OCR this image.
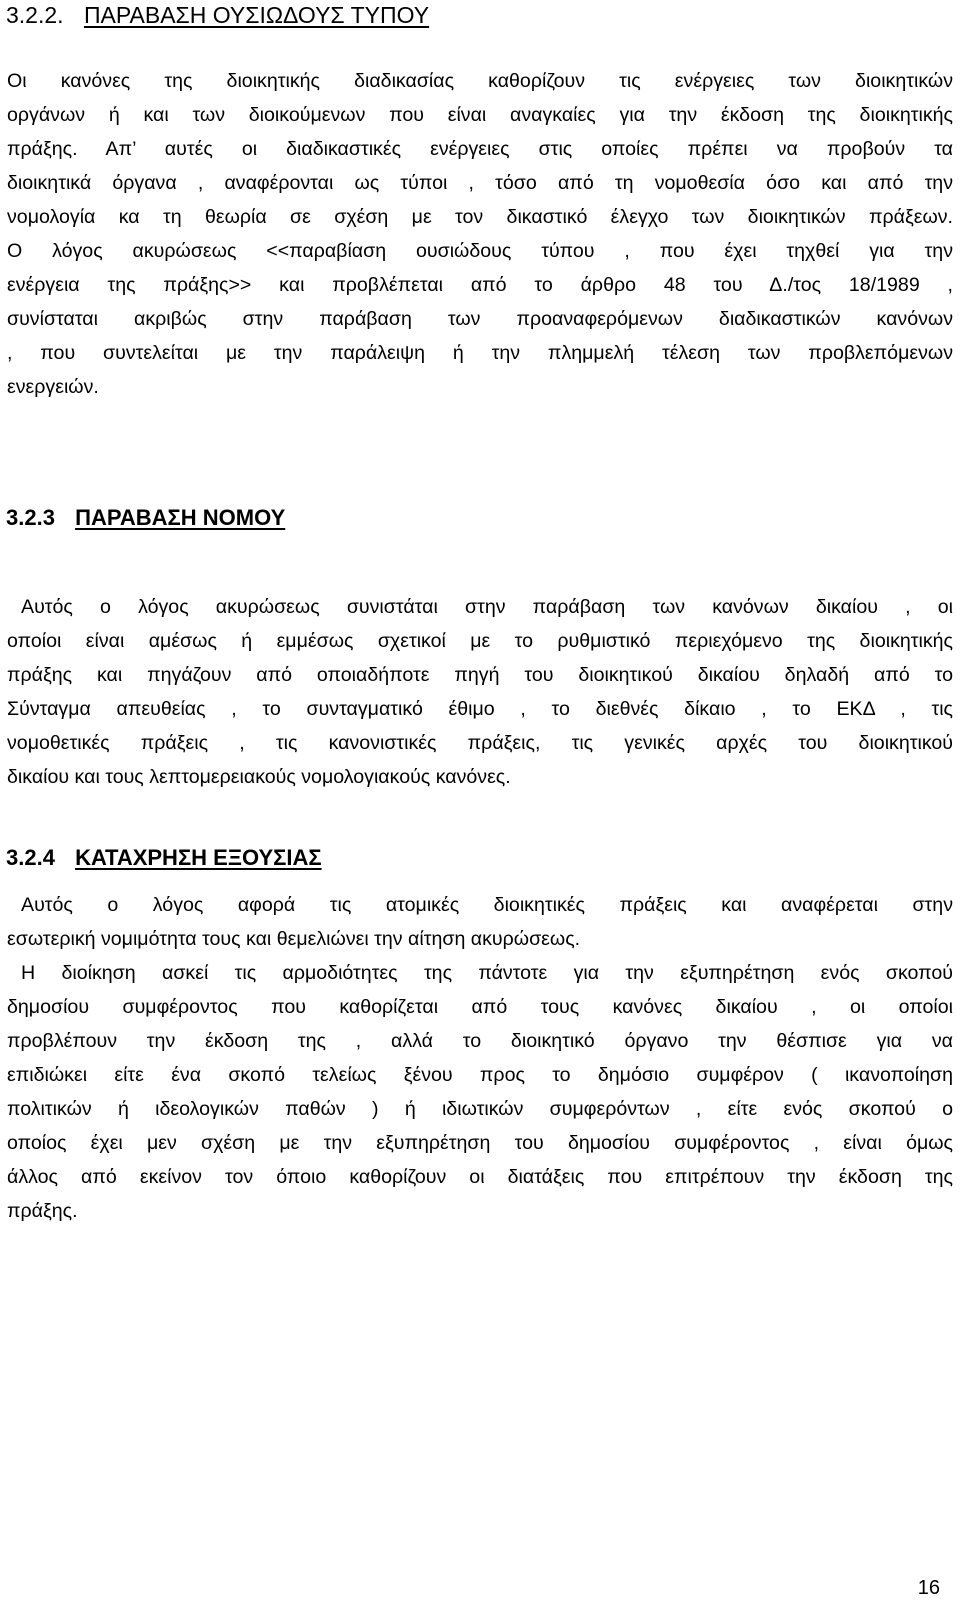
3.2.2. ΠΑΡΑΒΑΣΗ ΟΥΣΙΩΔΟΥΣ ΤΥΠΟΥ

Οι κανόνες της διοικητικής διαδικασίας καθορίζουν τις ενέργειες των διοικητικών
οργάνων ή και των διοικούμενων που είναι αναγκαίες για την έκδοση της διοικητικής
πράξης. Απ’ αυτές οι διαδικαστικές ενέργειες στις οποίες πρέπει να προβούν τα
διοικητικά όργανα , αναφέρονται ως τύποι , τόσο από τη νομοθεσία όσο και από την
νομολογία κα τη θεωρία σε σχέση με τον δικαστικό έλεγχο των διοικητικών πράξεων.
Ο λόγος ακυρώσεως <<παραβίαση ουσιώδους τύπου , που έχει τηχθεί για την
ενέργεια της πράξης>> και προβλέπεται από το άρθρο 48 του Δ./τος 18/1989 ,
συνίσταται ακριβώς στην παράβαση των προαναφερόμενων διαδικαστικών κανόνων
, που συντελείται με την παράλειψη ή την πλημμελή τέλεση των προβλεπόμενων
ενεργειών.

3.2.3 ΠΑΡΑΒΑΣΗ ΝΟΜΟΥ

Αυτός ο λόγος ακυρώσεως συνιστάται στην παράβαση των κανόνων δικαίου , οι
οποίοι είναι αμέσως ή εμμέσως σχετικοί με το ρυθμιστικό περιεχόμενο της διοικητικής
πράξης και πηγάζουν από οποιαδήποτε πηγή του διοικητικού δικαίου δηλαδή από το
Σύνταγμα απευθείας , το συνταγματικό έθιμο , το διεθνές δίκαιο , το ΕΚΔ , τις
νομοθετικές πράξεις , τις κανονιστικές πράξεις, τις γενικές αρχές του διοικητικού
δικαίου και τους λεπτομερειακούς νομολογιακούς κανόνες.

3.2.4 ΚΑΤΑΧΡΗΣΗ ΕΞΟΥΣΙΑΣ

Αυτός ο λόγος αφορά τις ατομικές διοικητικές πράξεις και αναφέρεται στην
εσωτερική νομιμότητα τους και θεμελιώνει την αίτηση ακυρώσεως.

Η διοίκηση ασκεί τις αρμοδιότητες της πάντοτε για την εξυπηρέτηση ενός σκοπού
δημοσίου συμφέροντος που καθορίζεται από τους κανόνες δικαίου , οι οποίοι
προβλέπουν την έκδοση της , αλλά το διοικητικό όργανο την θέσπισε για να
επιδιώκει είτε ένα σκοπό τελείως ξένου προς το δημόσιο συμφέρον ( ικανοποίηση
πολιτικών ή ιδεολογικών παθών ) ή ιδιωτικών συμφερόντων , είτε ενός σκοπού ο
οποίος έχει μεν σχέση με την εξυπηρέτηση του δημοσίου συμφέροντος , είναι όμως
άλλος από εκείνον τον όποιο καθορίζουν οι διατάξεις που επιτρέπουν την έκδοση της
πράξης.

16
